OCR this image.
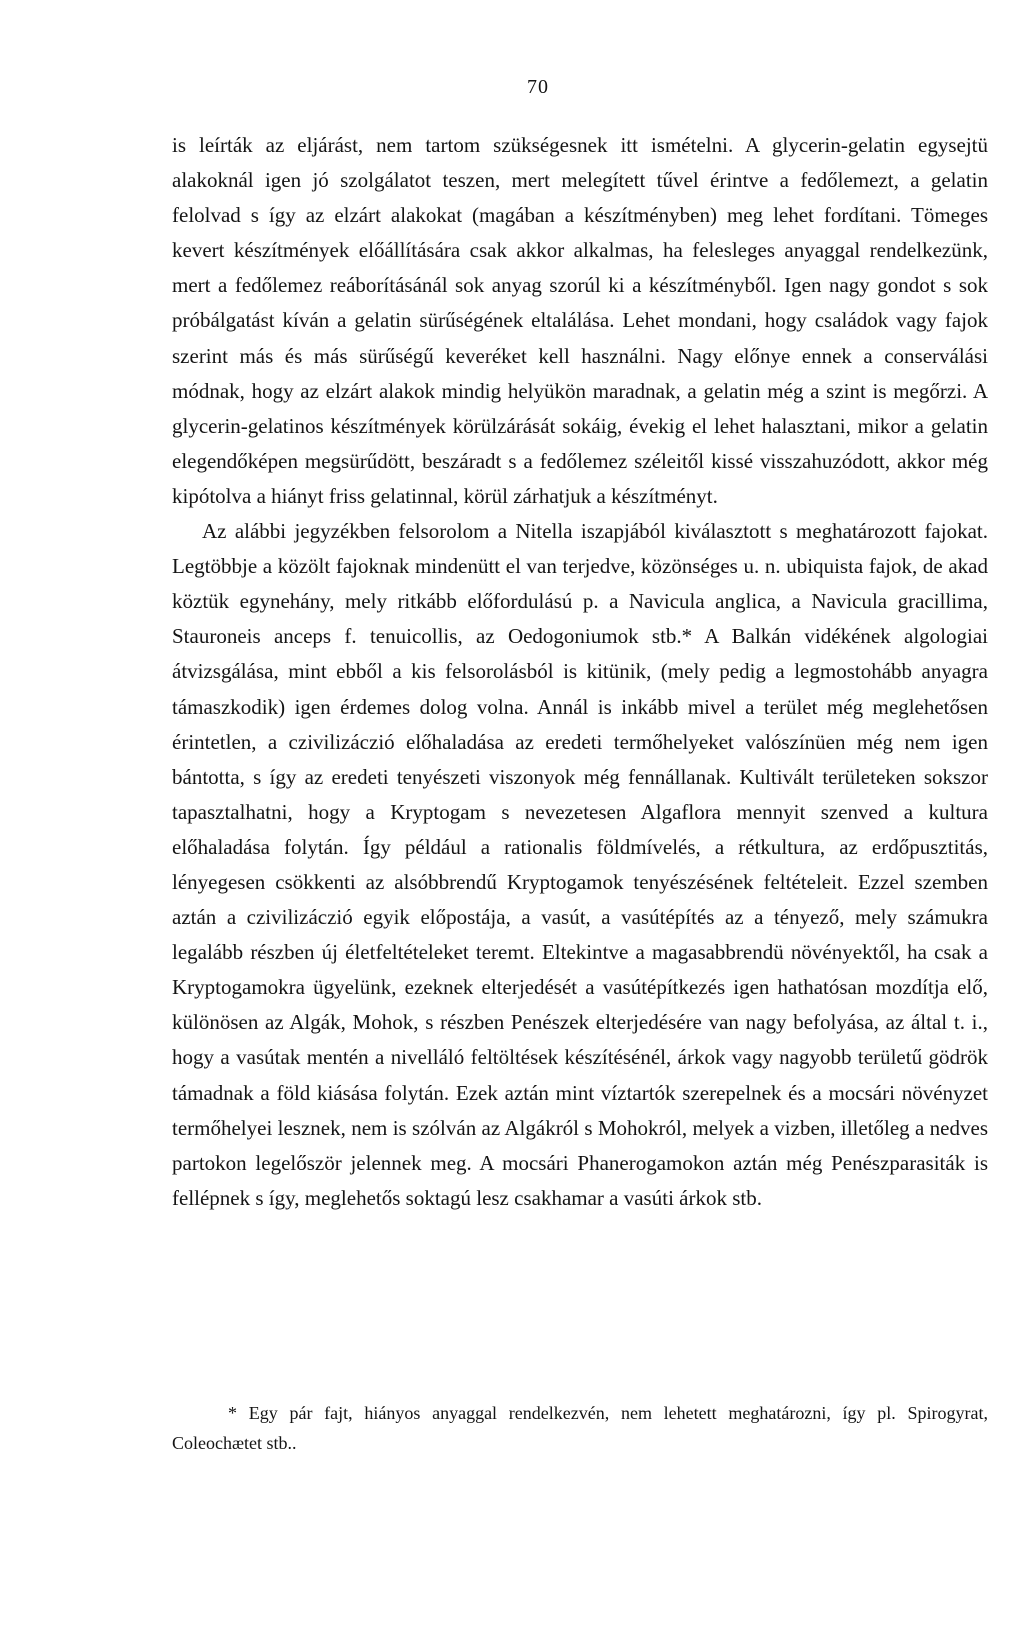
70

is leírták az eljárást, nem tartom szükségesnek itt ismételni. A glycerin-gelatin egysejtü alakoknál igen jó szolgálatot teszen, mert melegített tűvel érintve a fedőlemezt, a gelatin felolvad s így az elzárt alakokat (magában a készítményben) meg lehet fordítani. Tömeges kevert készítmények előállítására csak akkor alkalmas, ha felesleges anyaggal rendelkezünk, mert a fedőlemez reáborításánál sok anyag szorúl ki a készítményből. Igen nagy gondot s sok próbálgatást kíván a gelatin sürűségének eltalálása. Lehet mondani, hogy családok vagy fajok szerint más és más sürűségű keveréket kell használni. Nagy előnye ennek a conserválási módnak, hogy az elzárt alakok mindig helyükön maradnak, a gelatin még a szint is megőrzi. A glycerin-gelatinos készítmények körülzárását sokáig, évekig el lehet halasztani, mikor a gelatin elegendőképen megsürűdött, beszáradt s a fedőlemez széleitől kissé visszahuzódott, akkor még kipótolva a hiányt friss gelatinnal, körül zárhatjuk a készítményt.

Az alábbi jegyzékben felsorolom a Nitella iszapjából kiválasztott s meghatározott fajokat. Legtöbbje a közölt fajoknak mindenütt el van terjedve, közönséges u. n. ubiquista fajok, de akad köztük egynehány, mely ritkább előfordulású p. a Navicula anglica, a Navicula gracillima, Stauroneis anceps f. tenuicollis, az Oedogoniumok stb.* A Balkán vidékének algologiai átvizsgálása, mint ebből a kis felsorolásból is kitünik, (mely pedig a legmostohább anyagra támaszkodik) igen érdemes dolog volna. Annál is inkább mivel a terület még meglehetősen érintetlen, a czivilizáczió előhaladása az eredeti termőhelyeket valószínüen még nem igen bántotta, s így az eredeti tenyészeti viszonyok még fennállanak. Kultivált területeken sokszor tapasztalhatni, hogy a Kryptogam s nevezetesen Algaflora mennyit szenved a kultura előhaladása folytán. Így például a rationalis földmívelés, a rétkultura, az erdőpusztitás, lényegesen csökkenti az alsóbbrendű Kryptogamok tenyészésének feltételeit. Ezzel szemben aztán a czivilizáczió egyik előpostája, a vasút, a vasútépítés az a tényező, mely számukra legalább részben új életfeltételeket teremt. Eltekintve a magasabbrendü növényektől, ha csak a Kryptogamokra ügyelünk, ezeknek elterjedését a vasútépítkezés igen hathatósan mozdítja elő, különösen az Algák, Mohok, s részben Penészek elterjedésére van nagy befolyása, az által t. i., hogy a vasútak mentén a nivelláló feltöltések készítésénél, árkok vagy nagyobb területű gödrök támadnak a föld kiásása folytán. Ezek aztán mint víztartók szerepelnek és a mocsári növényzet termőhelyei lesznek, nem is szólván az Algákról s Mohokról, melyek a vizben, illetőleg a nedves partokon legelőször jelennek meg. A mocsári Phanerogamokon aztán még Penészparasiták is fellépnek s így, meglehetős soktagú lesz csakhamar a vasúti árkok stb.

* Egy pár fajt, hiányos anyaggal rendelkezvén, nem lehetett meghatározni, így pl. Spirogyrat, Coleochætet stb..
